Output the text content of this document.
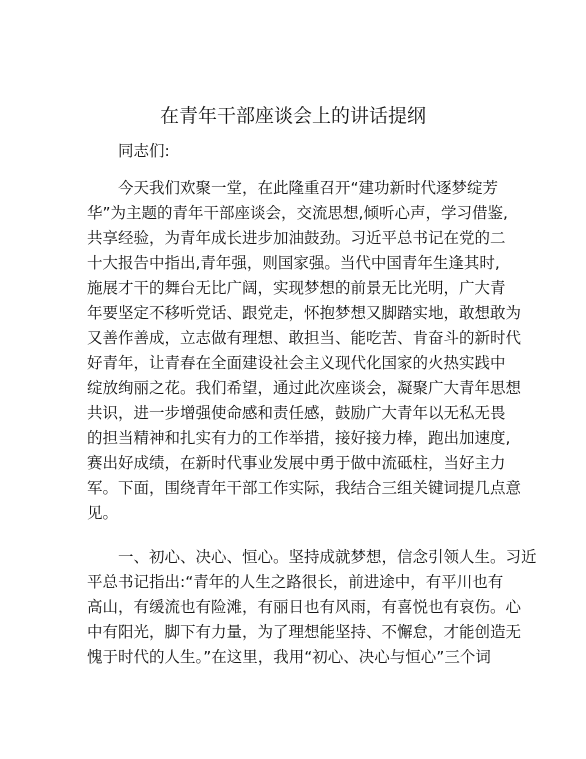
在青年干部座谈会上的讲话提纲

同志们:

今天我们欢聚一堂，在此隆重召开“建功新时代逐梦绽芳

华”为主题的青年干部座谈会，交流思想,倾听心声，学习借鉴,

共享经验，为青年成长进步加油鼓劲。习近平总书记在党的二

十大报告中指出,青年强，则国家强。当代中国青年生逢其时,

施展才干的舞台无比广阔，实现梦想的前景无比光明，广大青

年要坚定不移听党话、跟党走，怀抱梦想又脚踏实地，敢想敢为

又善作善成，立志做有理想、敢担当、能吃苦、肯奋斗的新时代

好青年，让青春在全面建设社会主义现代化国家的火热实践中

绽放绚丽之花。我们希望，通过此次座谈会，凝聚广大青年思想

共识，进一步增强使命感和责任感，鼓励广大青年以无私无畏

的担当精神和扎实有力的工作举措，接好接力棒，跑出加速度,

赛出好成绩，在新时代事业发展中勇于做中流砥柱，当好主力

军。下面，围绕青年干部工作实际，我结合三组关键词提几点意

见。

一、初心、决心、恒心。坚持成就梦想，信念引领人生。习近

平总书记指出:“青年的人生之路很长，前进途中，有平川也有

高山，有缓流也有险滩，有丽日也有风雨，有喜悦也有哀伤。心

中有阳光，脚下有力量，为了理想能坚持、不懈怠，才能创造无

愧于时代的人生。”在这里，我用“初心、决心与恒心”三个词
